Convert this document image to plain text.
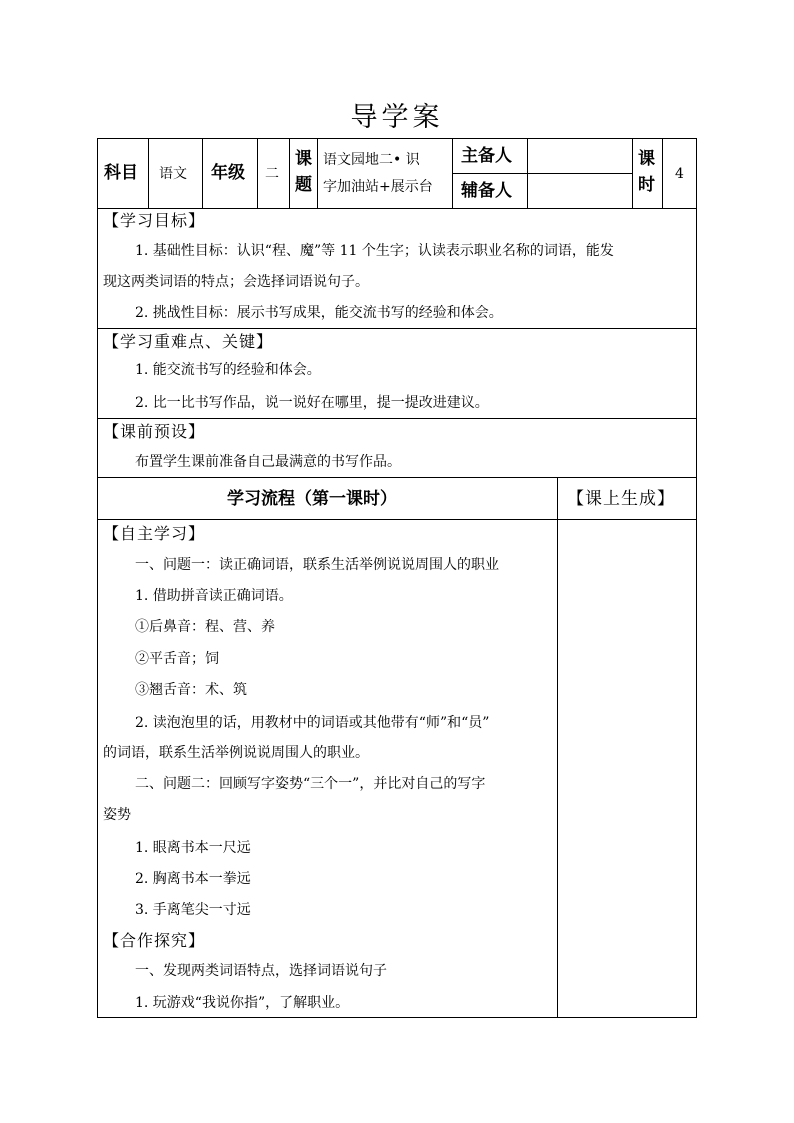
导学案
科目 语文 年级 二
课
题
语文园地二• 识
字加油站+展示台
主备人
辅备人
课
时
4
【学习目标】
1. 基础性目标：认识“程、魔”等 11 个生字；认读表示职业名称的词语，能发
现这两类词语的特点；会选择词语说句子。
2. 挑战性目标：展示书写成果，能交流书写的经验和体会。
【学习重难点、关键】
1. 能交流书写的经验和体会。
2. 比一比书写作品，说一说好在哪里，提一提改进建议。
【课前预设】
布置学生课前准备自己最满意的书写作品。
学习流程（第一课时）	【课上生成】
【自主学习】
一、问题一：读正确词语，联系生活举例说说周围人的职业
1. 借助拼音读正确词语。
①后鼻音：程、营、养
②平舌音；饲
③翘舌音：术、筑
2. 读泡泡里的话，用教材中的词语或其他带有“师”和“员”
的词语，联系生活举例说说周围人的职业。
二、问题二：回顾写字姿势“三个一”，并比对自己的写字
姿势
1. 眼离书本一尺远
2. 胸离书本一拳远
3. 手离笔尖一寸远
【合作探究】
一、发现两类词语特点，选择词语说句子
1. 玩游戏“我说你指”，了解职业。
